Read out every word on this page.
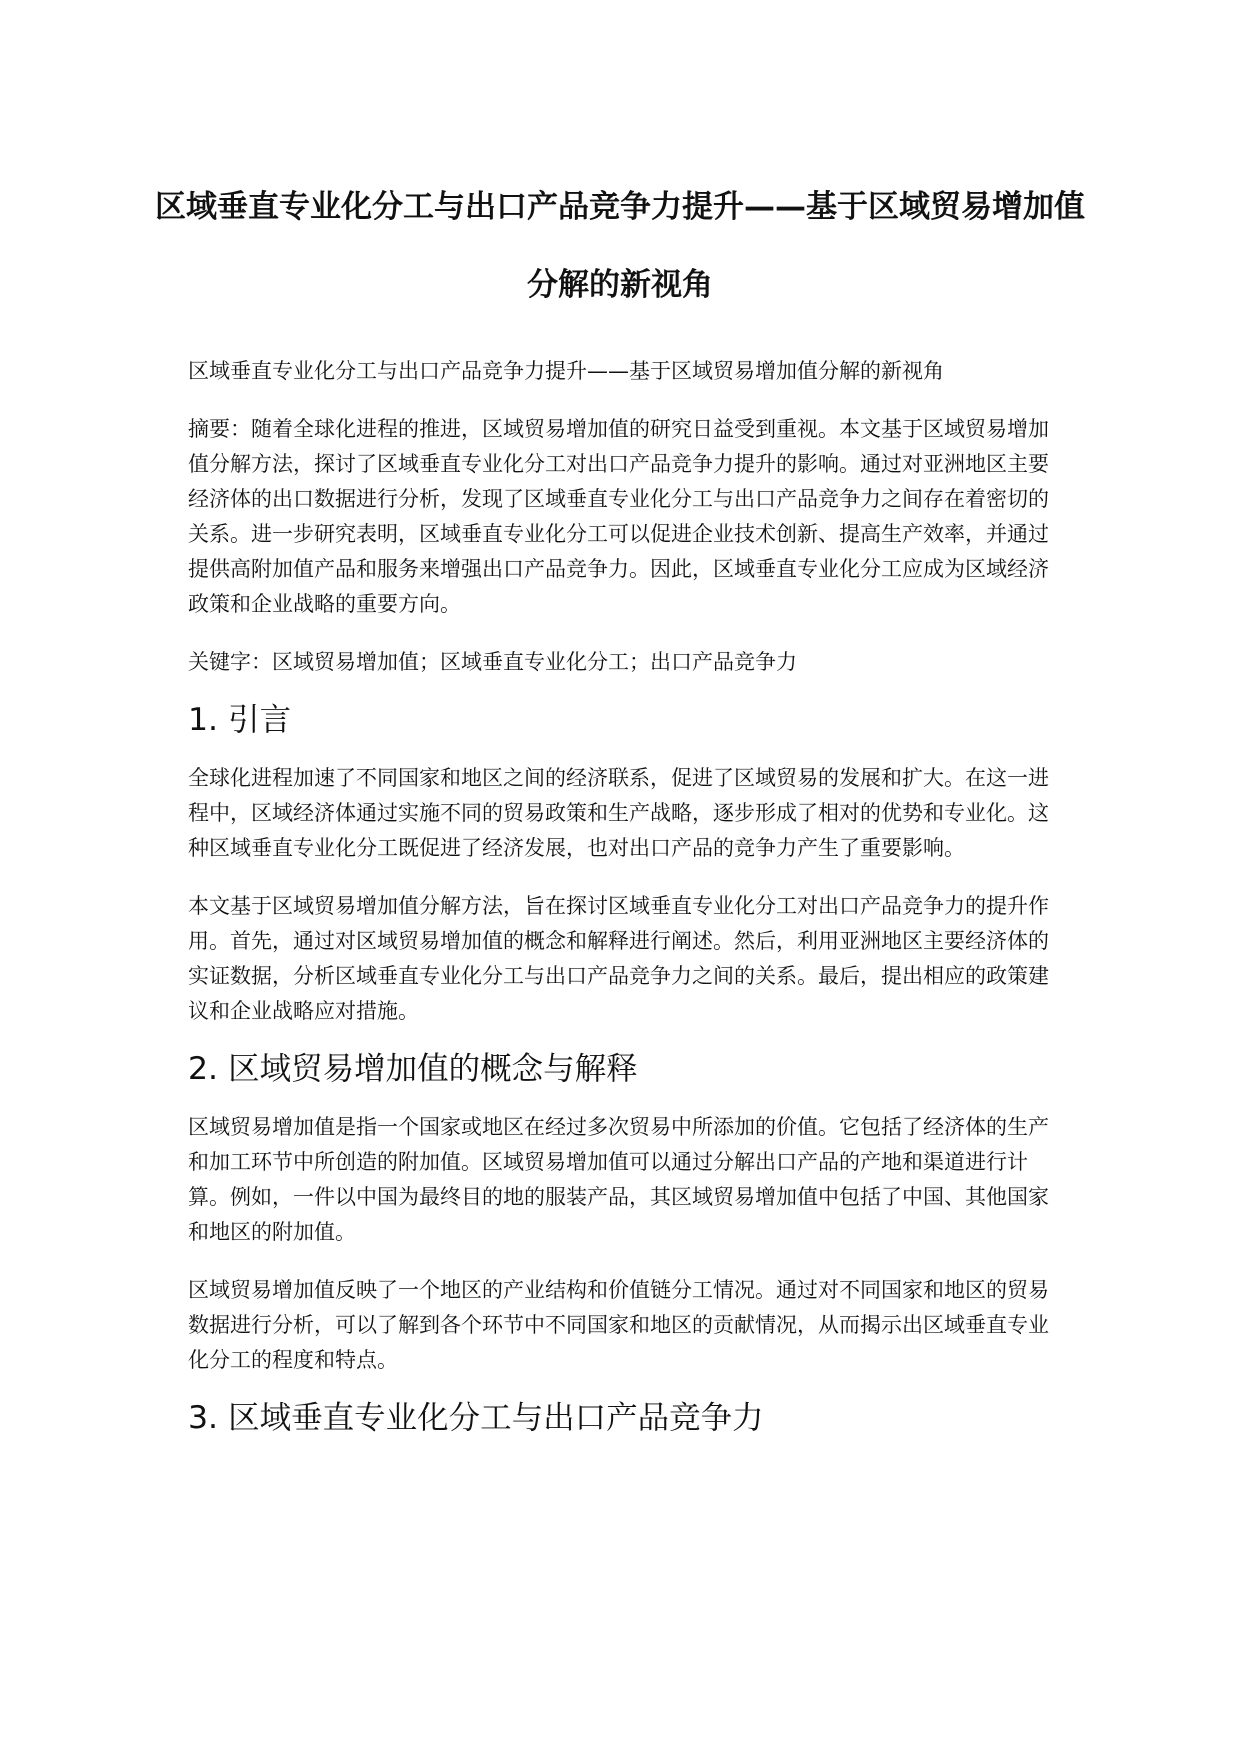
区域垂直专业化分工与出口产品竞争力提升——基于区域贸易增加值分解的新视角

区域垂直专业化分工与出口产品竞争力提升——基于区域贸易增加值分解的新视角

摘要：随着全球化进程的推进，区域贸易增加值的研究日益受到重视。本文基于区域贸易增加值分解方法，探讨了区域垂直专业化分工对出口产品竞争力提升的影响。通过对亚洲地区主要经济体的出口数据进行分析，发现了区域垂直专业化分工与出口产品竞争力之间存在着密切的关系。进一步研究表明，区域垂直专业化分工可以促进企业技术创新、提高生产效率，并通过提供高附加值产品和服务来增强出口产品竞争力。因此，区域垂直专业化分工应成为区域经济政策和企业战略的重要方向。

关键字：区域贸易增加值；区域垂直专业化分工；出口产品竞争力

1. 引言

全球化进程加速了不同国家和地区之间的经济联系，促进了区域贸易的发展和扩大。在这一进程中，区域经济体通过实施不同的贸易政策和生产战略，逐步形成了相对的优势和专业化。这种区域垂直专业化分工既促进了经济发展，也对出口产品的竞争力产生了重要影响。

本文基于区域贸易增加值分解方法，旨在探讨区域垂直专业化分工对出口产品竞争力的提升作用。首先，通过对区域贸易增加值的概念和解释进行阐述。然后，利用亚洲地区主要经济体的实证数据，分析区域垂直专业化分工与出口产品竞争力之间的关系。最后，提出相应的政策建议和企业战略应对措施。

2. 区域贸易增加值的概念与解释

区域贸易增加值是指一个国家或地区在经过多次贸易中所添加的价值。它包括了经济体的生产和加工环节中所创造的附加值。区域贸易增加值可以通过分解出口产品的产地和渠道进行计算。例如，一件以中国为最终目的地的服装产品，其区域贸易增加值中包括了中国、其他国家和地区的附加值。

区域贸易增加值反映了一个地区的产业结构和价值链分工情况。通过对不同国家和地区的贸易数据进行分析，可以了解到各个环节中不同国家和地区的贡献情况，从而揭示出区域垂直专业化分工的程度和特点。

3. 区域垂直专业化分工与出口产品竞争力
